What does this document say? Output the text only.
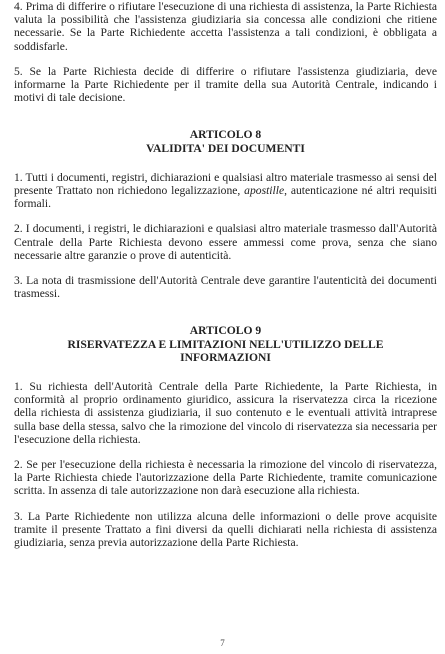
4. Prima di differire o rifiutare l'esecuzione di una richiesta di assistenza, la Parte Richiesta valuta la possibilità che l'assistenza giudiziaria sia concessa alle condizioni che ritiene necessarie. Se la Parte Richiedente accetta l'assistenza a tali condizioni, è obbligata a soddisfarle.

5. Se la Parte Richiesta decide di differire o rifiutare l'assistenza giudiziaria, deve informarne la Parte Richiedente per il tramite della sua Autorità Centrale, indicando i motivi di tale decisione.

ARTICOLO 8

VALIDITA' DEI DOCUMENTI

1. Tutti i documenti, registri, dichiarazioni e qualsiasi altro materiale trasmesso ai sensi del presente Trattato non richiedono legalizzazione, apostille, autenticazione né altri requisiti formali.

2. I documenti, i registri, le dichiarazioni e qualsiasi altro materiale trasmesso dall'Autorità Centrale della Parte Richiesta devono essere ammessi come prova, senza che siano necessarie altre garanzie o prove di autenticità.

3. La nota di trasmissione dell'Autorità Centrale deve garantire l'autenticità dei documenti trasmessi.

ARTICOLO 9

RISERVATEZZA E LIMITAZIONI NELL'UTILIZZO DELLE

INFORMAZIONI

1. Su richiesta dell'Autorità Centrale della Parte Richiedente, la Parte Richiesta, in conformità al proprio ordinamento giuridico, assicura la riservatezza circa la ricezione della richiesta di assistenza giudiziaria, il suo contenuto e le eventuali attività intraprese sulla base della stessa, salvo che la rimozione del vincolo di riservatezza sia necessaria per l'esecuzione della richiesta.

2. Se per l'esecuzione della richiesta è necessaria la rimozione del vincolo di riservatezza, la Parte Richiesta chiede l'autorizzazione della Parte Richiedente, tramite comunicazione scritta. In assenza di tale autorizzazione non darà esecuzione alla richiesta.

3. La Parte Richiedente non utilizza alcuna delle informazioni o delle prove acquisite tramite il presente Trattato a fini diversi da quelli dichiarati nella richiesta di assistenza giudiziaria, senza previa autorizzazione della Parte Richiesta.

7
